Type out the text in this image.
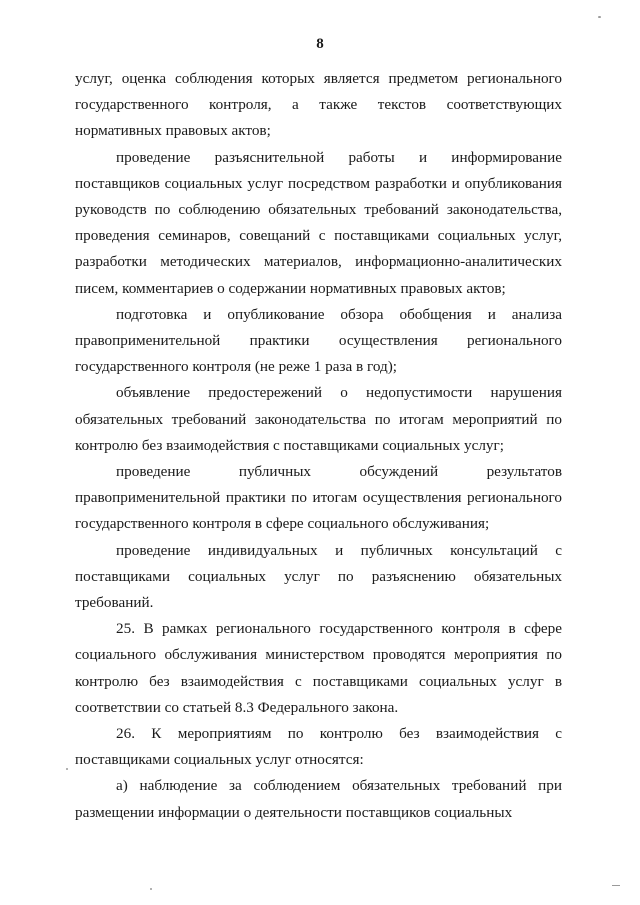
8

услуг, оценка соблюдения которых является предметом регионального государственного контроля, а также текстов соответствующих нормативных правовых актов;

проведение разъяснительной работы и информирование поставщиков социальных услуг посредством разработки и опубликования руководств по соблюдению обязательных требований законодательства, проведения семинаров, совещаний с поставщиками социальных услуг, разработки методических материалов, информационно-аналитических писем, комментариев о содержании нормативных правовых актов;

подготовка и опубликование обзора обобщения и анализа правоприменительной практики осуществления регионального государственного контроля (не реже 1 раза в год);

объявление предостережений о недопустимости нарушения обязательных требований законодательства по итогам мероприятий по контролю без взаимодействия с поставщиками социальных услуг;

проведение публичных обсуждений результатов правоприменительной практики по итогам осуществления регионального государственного контроля в сфере социального обслуживания;

проведение индивидуальных и публичных консультаций с поставщиками социальных услуг по разъяснению обязательных требований.

25. В рамках регионального государственного контроля в сфере социального обслуживания министерством проводятся мероприятия по контролю без взаимодействия с поставщиками социальных услуг в соответствии со статьей 8.3 Федерального закона.

26. К мероприятиям по контролю без взаимодействия с поставщиками социальных услуг относятся:

а) наблюдение за соблюдением обязательных требований при размещении информации о деятельности поставщиков социальных
